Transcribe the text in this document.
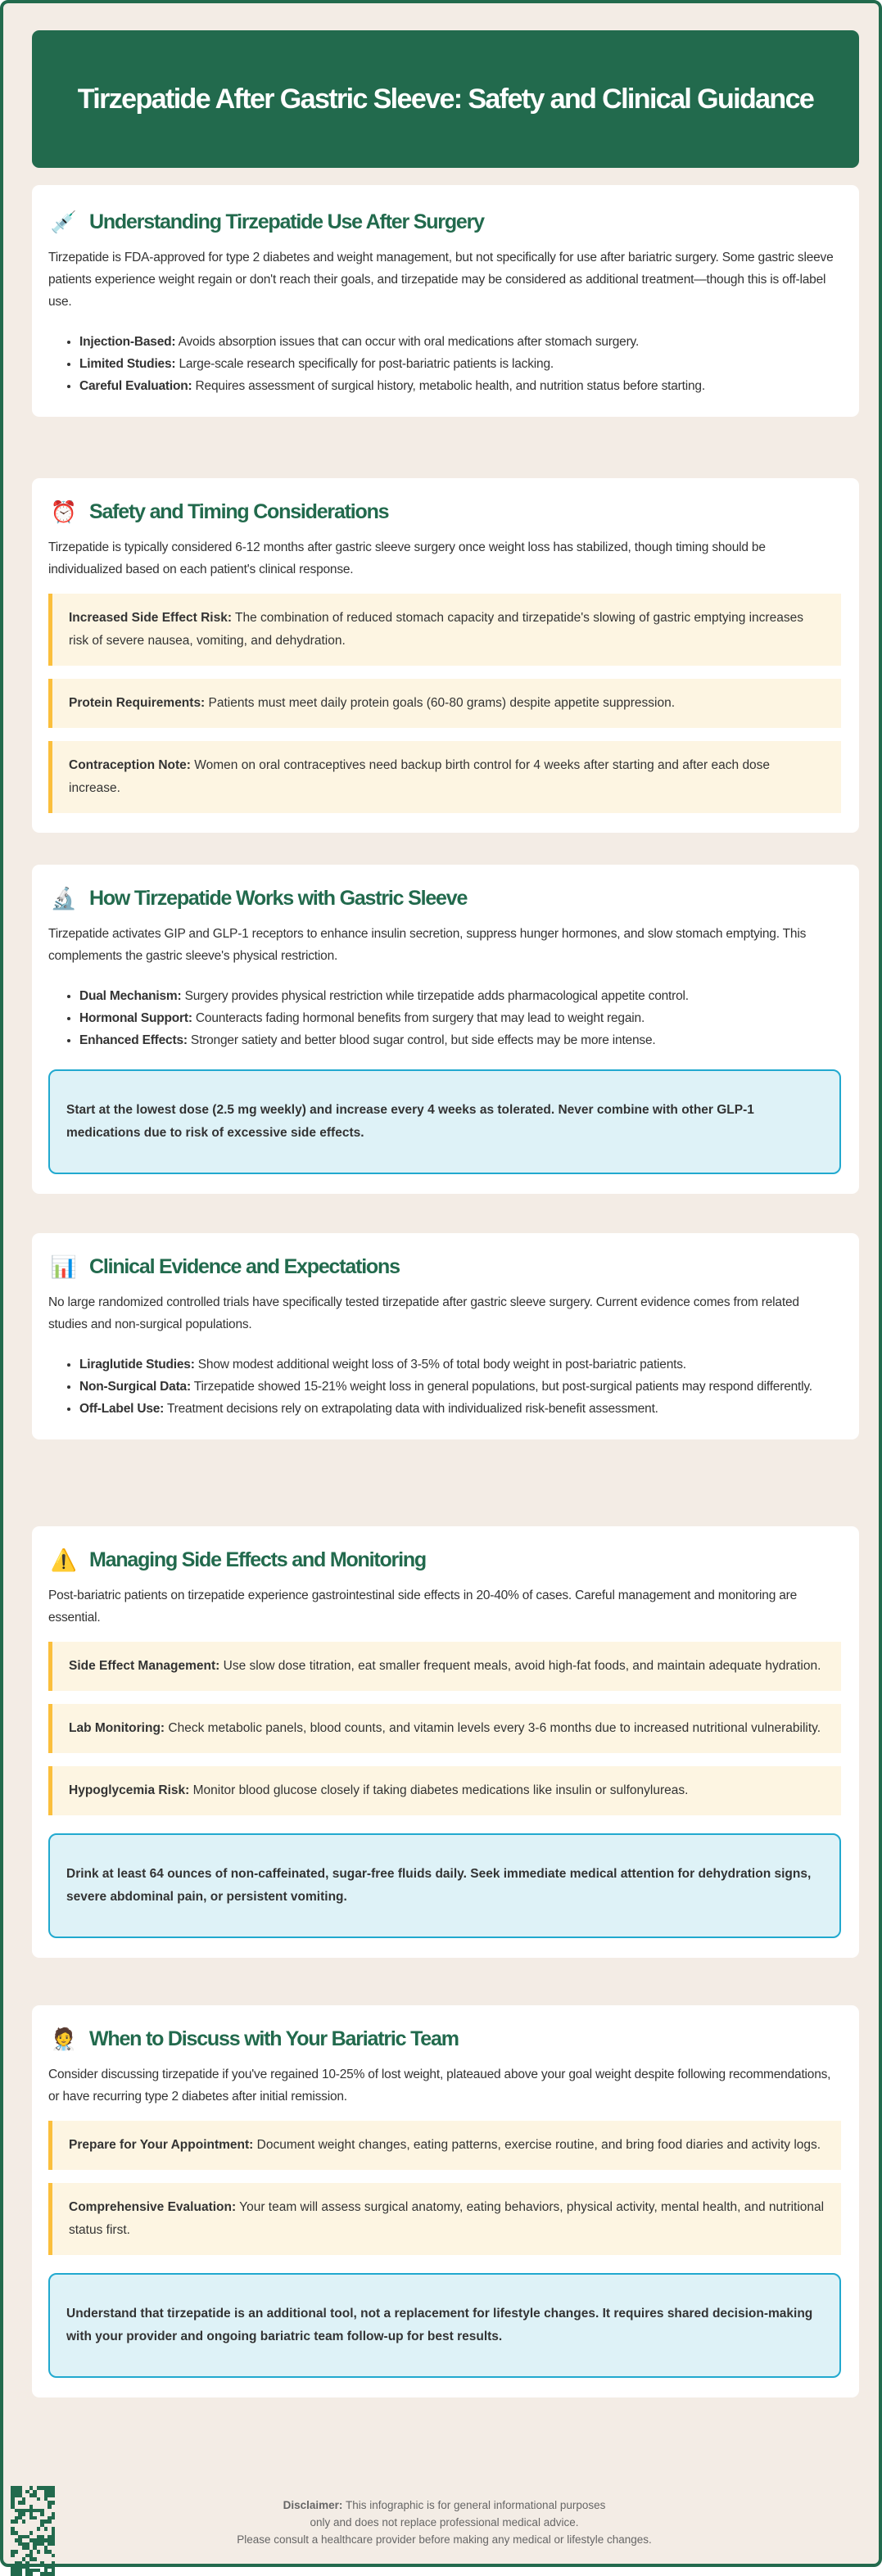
Tirzepatide After Gastric Sleeve: Safety and Clinical Guidance
💉 Understanding Tirzepatide Use After Surgery

Tirzepatide is FDA-approved for type 2 diabetes and weight management, but not specifically for use after bariatric surgery. Some gastric sleeve patients experience weight regain or don't reach their goals, and tirzepatide may be considered as additional treatment—though this is off-label use.

• Injection-Based: Avoids absorption issues that can occur with oral medications after stomach surgery.
• Limited Studies: Large-scale research specifically for post-bariatric patients is lacking.
• Careful Evaluation: Requires assessment of surgical history, metabolic health, and nutrition status before starting.
⏰ Safety and Timing Considerations

Tirzepatide is typically considered 6-12 months after gastric sleeve surgery once weight loss has stabilized, though timing should be individualized based on each patient's clinical response.

Increased Side Effect Risk: The combination of reduced stomach capacity and tirzepatide's slowing of gastric emptying increases risk of severe nausea, vomiting, and dehydration.
Protein Requirements: Patients must meet daily protein goals (60-80 grams) despite appetite suppression.
Contraception Note: Women on oral contraceptives need backup birth control for 4 weeks after starting and after each dose increase.
🔬 How Tirzepatide Works with Gastric Sleeve

Tirzepatide activates GIP and GLP-1 receptors to enhance insulin secretion, suppress hunger hormones, and slow stomach emptying. This complements the gastric sleeve's physical restriction.

• Dual Mechanism: Surgery provides physical restriction while tirzepatide adds pharmacological appetite control.
• Hormonal Support: Counteracts fading hormonal benefits from surgery that may lead to weight regain.
• Enhanced Effects: Stronger satiety and better blood sugar control, but side effects may be more intense.
Start at the lowest dose (2.5 mg weekly) and increase every 4 weeks as tolerated. Never combine with other GLP-1 medications due to risk of excessive side effects.
📊 Clinical Evidence and Expectations

No large randomized controlled trials have specifically tested tirzepatide after gastric sleeve surgery. Current evidence comes from related studies and non-surgical populations.

• Liraglutide Studies: Show modest additional weight loss of 3-5% of total body weight in post-bariatric patients.
• Non-Surgical Data: Tirzepatide showed 15-21% weight loss in general populations, but post-surgical patients may respond differently.
• Off-Label Use: Treatment decisions rely on extrapolating data with individualized risk-benefit assessment.
⚠️ Managing Side Effects and Monitoring

Post-bariatric patients on tirzepatide experience gastrointestinal side effects in 20-40% of cases. Careful management and monitoring are essential.

Side Effect Management: Use slow dose titration, eat smaller frequent meals, avoid high-fat foods, and maintain adequate hydration.
Lab Monitoring: Check metabolic panels, blood counts, and vitamin levels every 3-6 months due to increased nutritional vulnerability.
Hypoglycemia Risk: Monitor blood glucose closely if taking diabetes medications like insulin or sulfonylureas.
Drink at least 64 ounces of non-caffeinated, sugar-free fluids daily. Seek immediate medical attention for dehydration signs, severe abdominal pain, or persistent vomiting.
🧑‍⚕️ When to Discuss with Your Bariatric Team

Consider discussing tirzepatide if you've regained 10-25% of lost weight, plateaued above your goal weight despite following recommendations, or have recurring type 2 diabetes after initial remission.

Prepare for Your Appointment: Document weight changes, eating patterns, exercise routine, and bring food diaries and activity logs.
Comprehensive Evaluation: Your team will assess surgical anatomy, eating behaviors, physical activity, mental health, and nutritional status first.
Understand that tirzepatide is an additional tool, not a replacement for lifestyle changes. It requires shared decision-making with your provider and ongoing bariatric team follow-up for best results.
Disclaimer: This infographic is for general informational purposes
only and does not replace professional medical advice.
Please consult a healthcare provider before making any medical or lifestyle changes.
